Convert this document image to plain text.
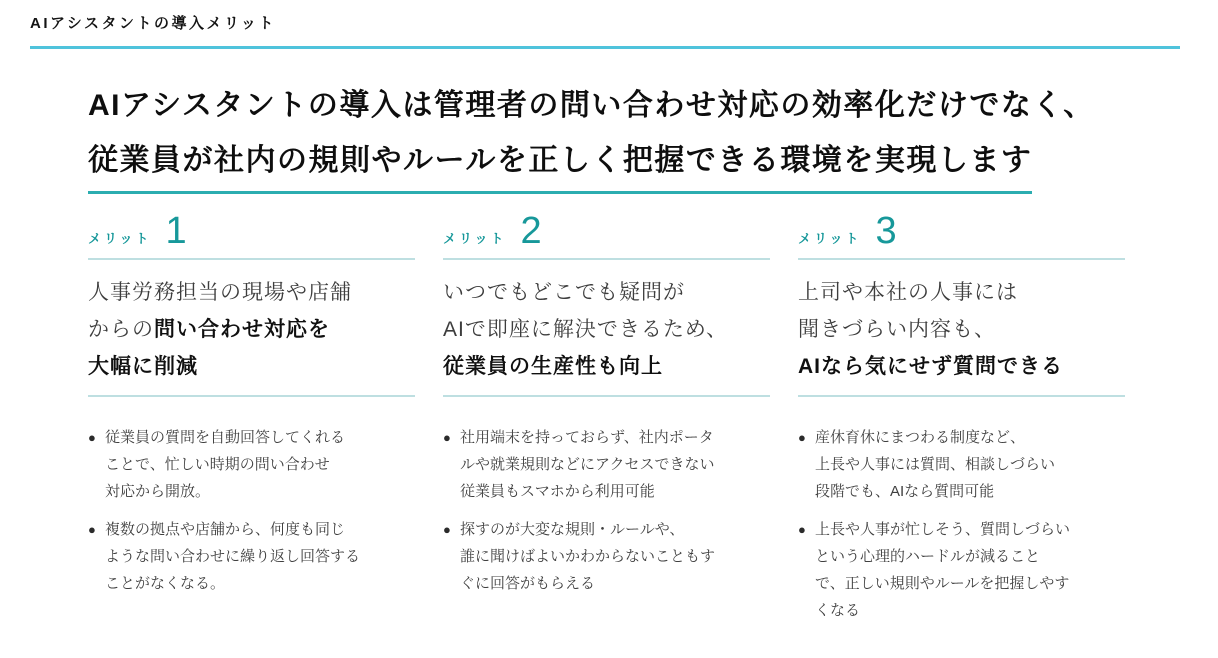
AIアシスタントの導入メリット
AIアシスタントの導入は管理者の問い合わせ対応の効率化だけでなく、
従業員が社内の規則やルールを正しく把握できる環境を実現します
メリット 1
人事労務担当の現場や店舗
からの問い合わせ対応を
大幅に削減
● 従業員の質問を自動回答してくれる
ことで、忙しい時期の問い合わせ
対応から開放。
● 複数の拠点や店舗から、何度も同じ
ような問い合わせに繰り返し回答する
ことがなくなる。
メリット 2
いつでもどこでも疑問が
AIで即座に解決できるため、
従業員の生産性も向上
● 社用端末を持っておらず、社内ポータ
ルや就業規則などにアクセスできない
従業員もスマホから利用可能
● 探すのが大変な規則・ルールや、
誰に聞けばよいかわからないこともす
ぐに回答がもらえる
メリット 3
上司や本社の人事には
聞きづらい内容も、
AIなら気にせず質問できる
● 産休育休にまつわる制度など、
上長や人事には質問、相談しづらい
段階でも、AIなら質問可能
● 上長や人事が忙しそう、質問しづらい
という心理的ハードルが減ること
で、正しい規則やルールを把握しやす
くなる
